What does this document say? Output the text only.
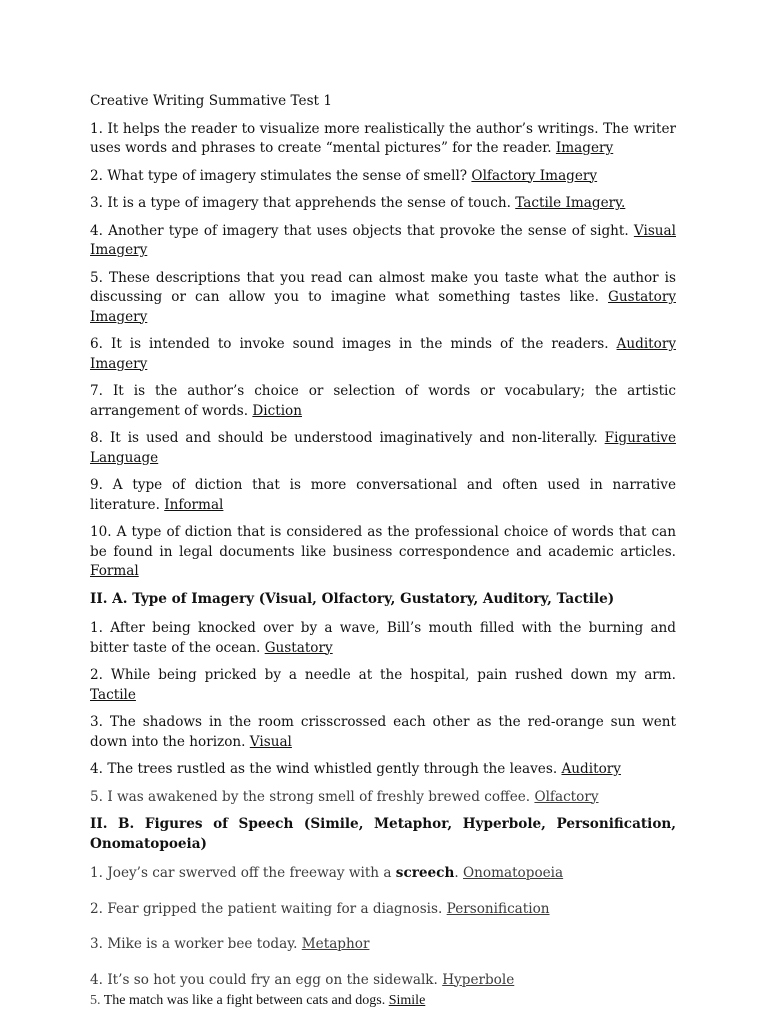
Creative Writing Summative Test 1

1. It helps the reader to visualize more realistically the author’s writings. The writer uses words and phrases to create “mental pictures” for the reader. Imagery

2. What type of imagery stimulates the sense of smell? Olfactory Imagery

3. It is a type of imagery that apprehends the sense of touch. Tactile Imagery.

4. Another type of imagery that uses objects that provoke the sense of sight. Visual Imagery

5. These descriptions that you read can almost make you taste what the author is discussing or can allow you to imagine what something tastes like. Gustatory Imagery

6. It is intended to invoke sound images in the minds of the readers. Auditory Imagery

7. It is the author’s choice or selection of words or vocabulary; the artistic arrangement of words. Diction

8. It is used and should be understood imaginatively and non-literally. Figurative Language

9. A type of diction that is more conversational and often used in narrative literature. Informal

10. A type of diction that is considered as the professional choice of words that can be found in legal documents like business correspondence and academic articles. Formal

II. A. Type of Imagery (Visual, Olfactory, Gustatory, Auditory, Tactile)

1. After being knocked over by a wave, Bill’s mouth filled with the burning and bitter taste of the ocean. Gustatory

2. While being pricked by a needle at the hospital, pain rushed down my arm. Tactile

3. The shadows in the room crisscrossed each other as the red-orange sun went down into the horizon. Visual

4. The trees rustled as the wind whistled gently through the leaves. Auditory

5. I was awakened by the strong smell of freshly brewed coffee. Olfactory

II. B. Figures of Speech (Simile, Metaphor, Hyperbole, Personification, Onomatopoeia)

1. Joey’s car swerved off the freeway with a screech. Onomatopoeia

2. Fear gripped the patient waiting for a diagnosis. Personification

3. Mike is a worker bee today. Metaphor

4. It’s so hot you could fry an egg on the sidewalk. Hyperbole

5. The match was like a fight between cats and dogs. Simile
